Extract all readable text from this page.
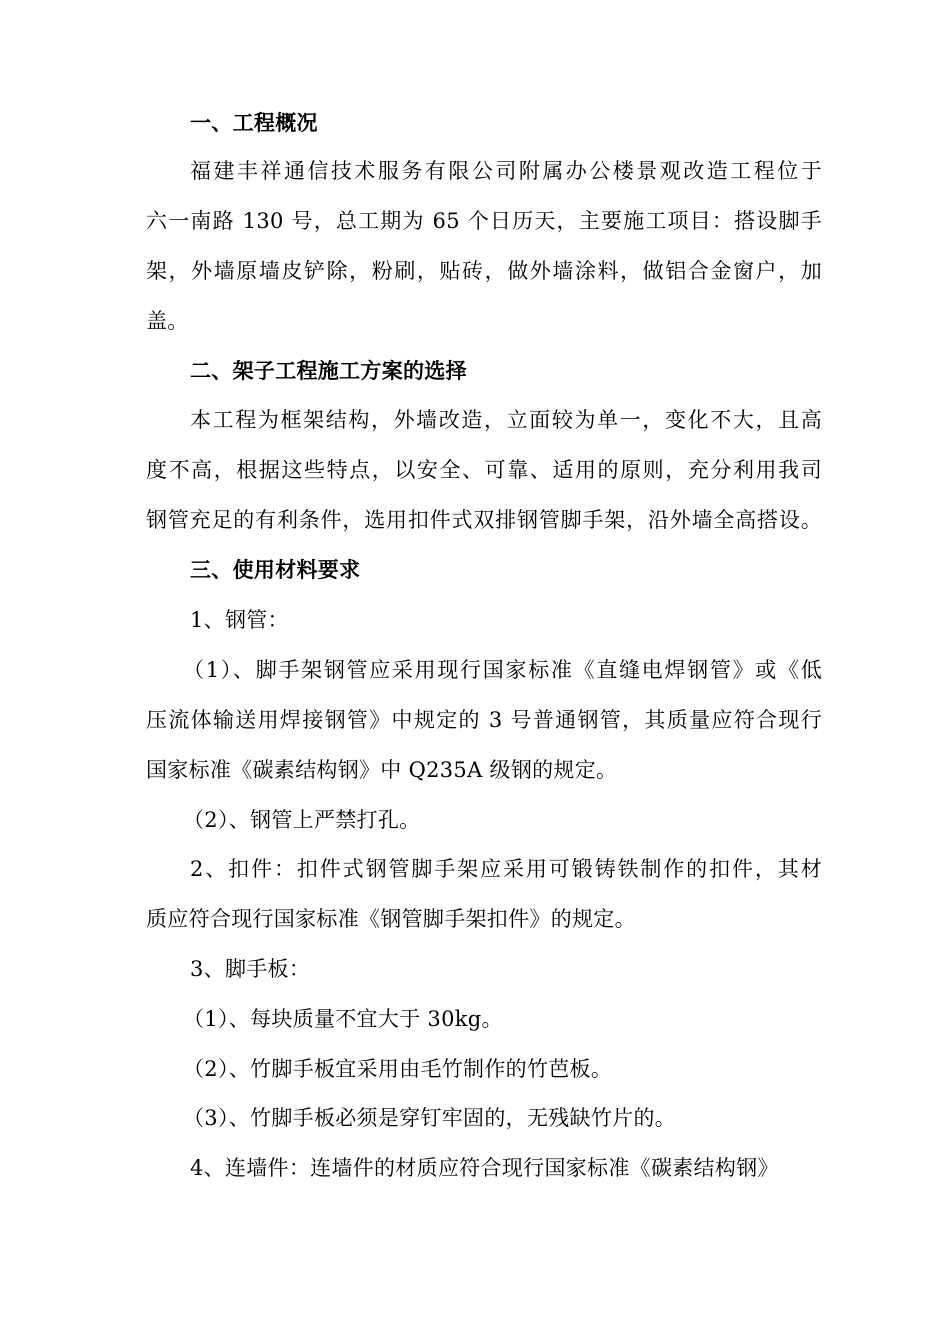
一、工程概况
福建丰祥通信技术服务有限公司附属办公楼景观改造工程位于
六一南路 130 号，总工期为 65 个日历天，主要施工项目：搭设脚手
架，外墙原墙皮铲除，粉刷，贴砖，做外墙涂料，做铝合金窗户，加
盖。
二、架子工程施工方案的选择
本工程为框架结构，外墙改造，立面较为单一，变化不大，且高
度不高，根据这些特点，以安全、可靠、适用的原则，充分利用我司
钢管充足的有利条件，选用扣件式双排钢管脚手架，沿外墙全高搭设。
三、使用材料要求
1、钢管：
（1）、脚手架钢管应采用现行国家标准《直缝电焊钢管》或《低
压流体输送用焊接钢管》中规定的 3 号普通钢管，其质量应符合现行
国家标准《碳素结构钢》中 Q235A 级钢的规定。
（2）、钢管上严禁打孔。
2、扣件：扣件式钢管脚手架应采用可锻铸铁制作的扣件，其材
质应符合现行国家标准《钢管脚手架扣件》的规定。
3、脚手板：
（1）、每块质量不宜大于 30kg。
（2）、竹脚手板宜采用由毛竹制作的竹芭板。
（3）、竹脚手板必须是穿钉牢固的，无残缺竹片的。
4、连墙件：连墙件的材质应符合现行国家标准《碳素结构钢》
